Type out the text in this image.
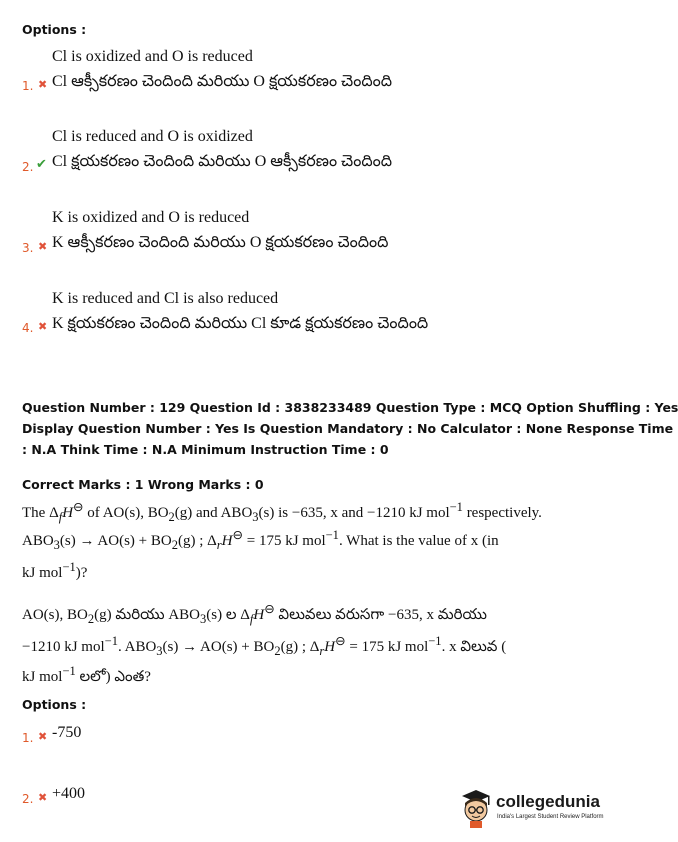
Options :
Cl is oxidized and O is reduced
1. ✖ Cl ఆక్సీకరణం చెందింది మరియు O క్షయకరణం చెందింది
Cl is reduced and O is oxidized
2. ✔ Cl క్షయకరణం చెందింది మరియు O ఆక్సీకరణం చెందింది
K is oxidized and O is reduced
3. ✖ K ఆక్సీకరణం చెందింది మరియు O క్షయకరణం చెందింది
K is reduced and Cl is also reduced
4. ✖ K క్షయకరణం చెందింది మరియు Cl కూడ క్షయకరణం చెందింది
Question Number : 129 Question Id : 3838233489 Question Type : MCQ Option Shuffling : Yes
Display Question Number : Yes Is Question Mandatory : No Calculator : None Response Time
: N.A Think Time : N.A Minimum Instruction Time : 0
Correct Marks : 1 Wrong Marks : 0
The $\Delta_fH^⊖$ of AO(s), $BO_2(g)$ and $ABO_3(s)$ is −635, x and −1210 kJ mol$^{-1}$ respectively.
$ABO_3(s) \to AO(s) + BO_2(g)$ ; $\Delta_rH^⊖ = 175$ kJ mol$^{-1}$. What is the value of x (in
kJ mol$^{-1}$)?
AO(s), $BO_2(g)$ మరియు $ABO_3(s)$ ల $\Delta_fH^⊖$ విలువలు వరుసగా −635, x మరియు
−1210 kJ mol$^{-1}$. $ABO_3(s) \to AO(s) + BO_2(g)$ ; $\Delta_rH^⊖ = 175$ kJ mol$^{-1}$. x విలువ (
kJ mol$^{-1}$ లలో) ఎంత?
Options :
1. ✖ -750
2. ✖ +400	collegedunia
India's Largest Student Review Platform
